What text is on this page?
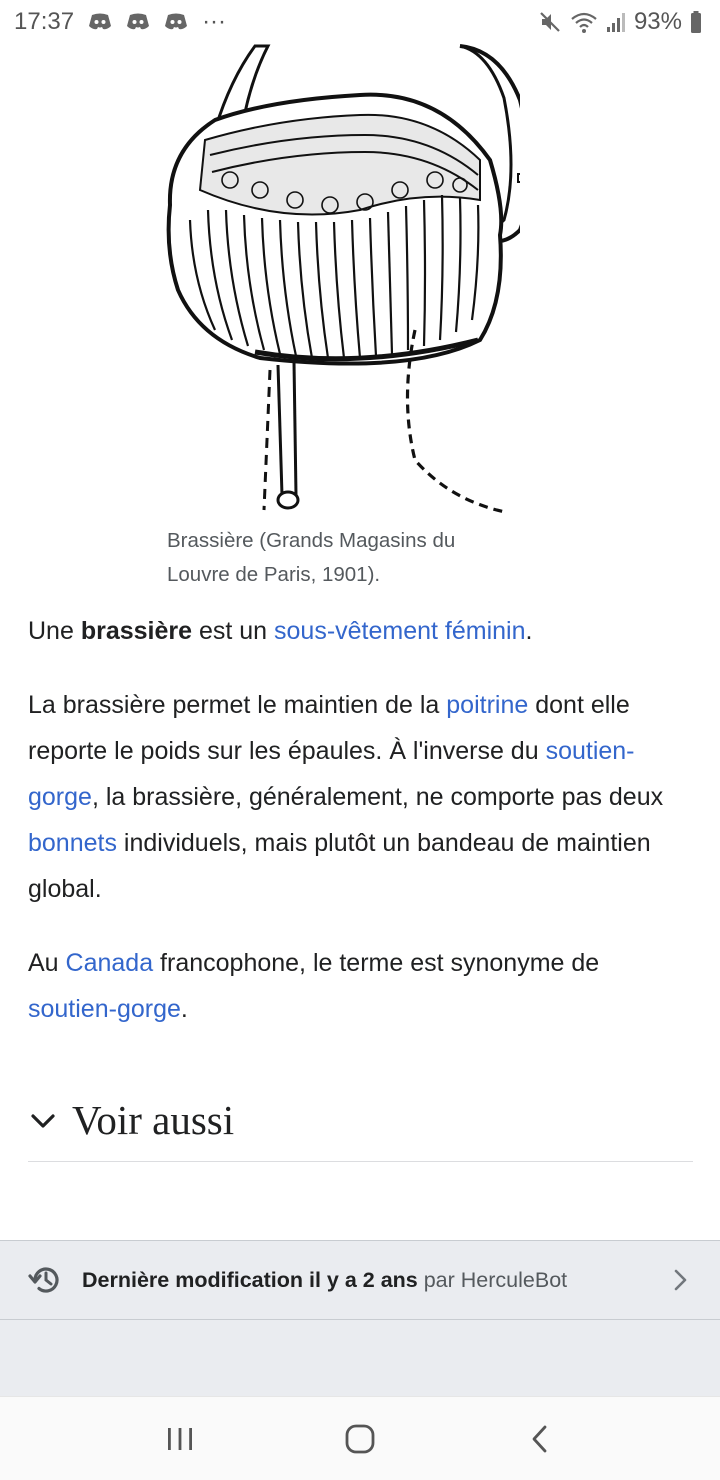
17:37	···	93%
Brassière (Grands Magasins du Louvre de Paris, 1901).

Une brassière est un sous-vêtement féminin.

La brassière permet le maintien de la poitrine dont elle reporte le poids sur les épaules. À l'inverse du soutien-gorge, la brassière, généralement, ne comporte pas deux bonnets individuels, mais plutôt un bandeau de maintien global.

Au Canada francophone, le terme est synonyme de soutien-gorge.

Voir aussi
Dernière modification il y a 2 ans par HerculeBot
